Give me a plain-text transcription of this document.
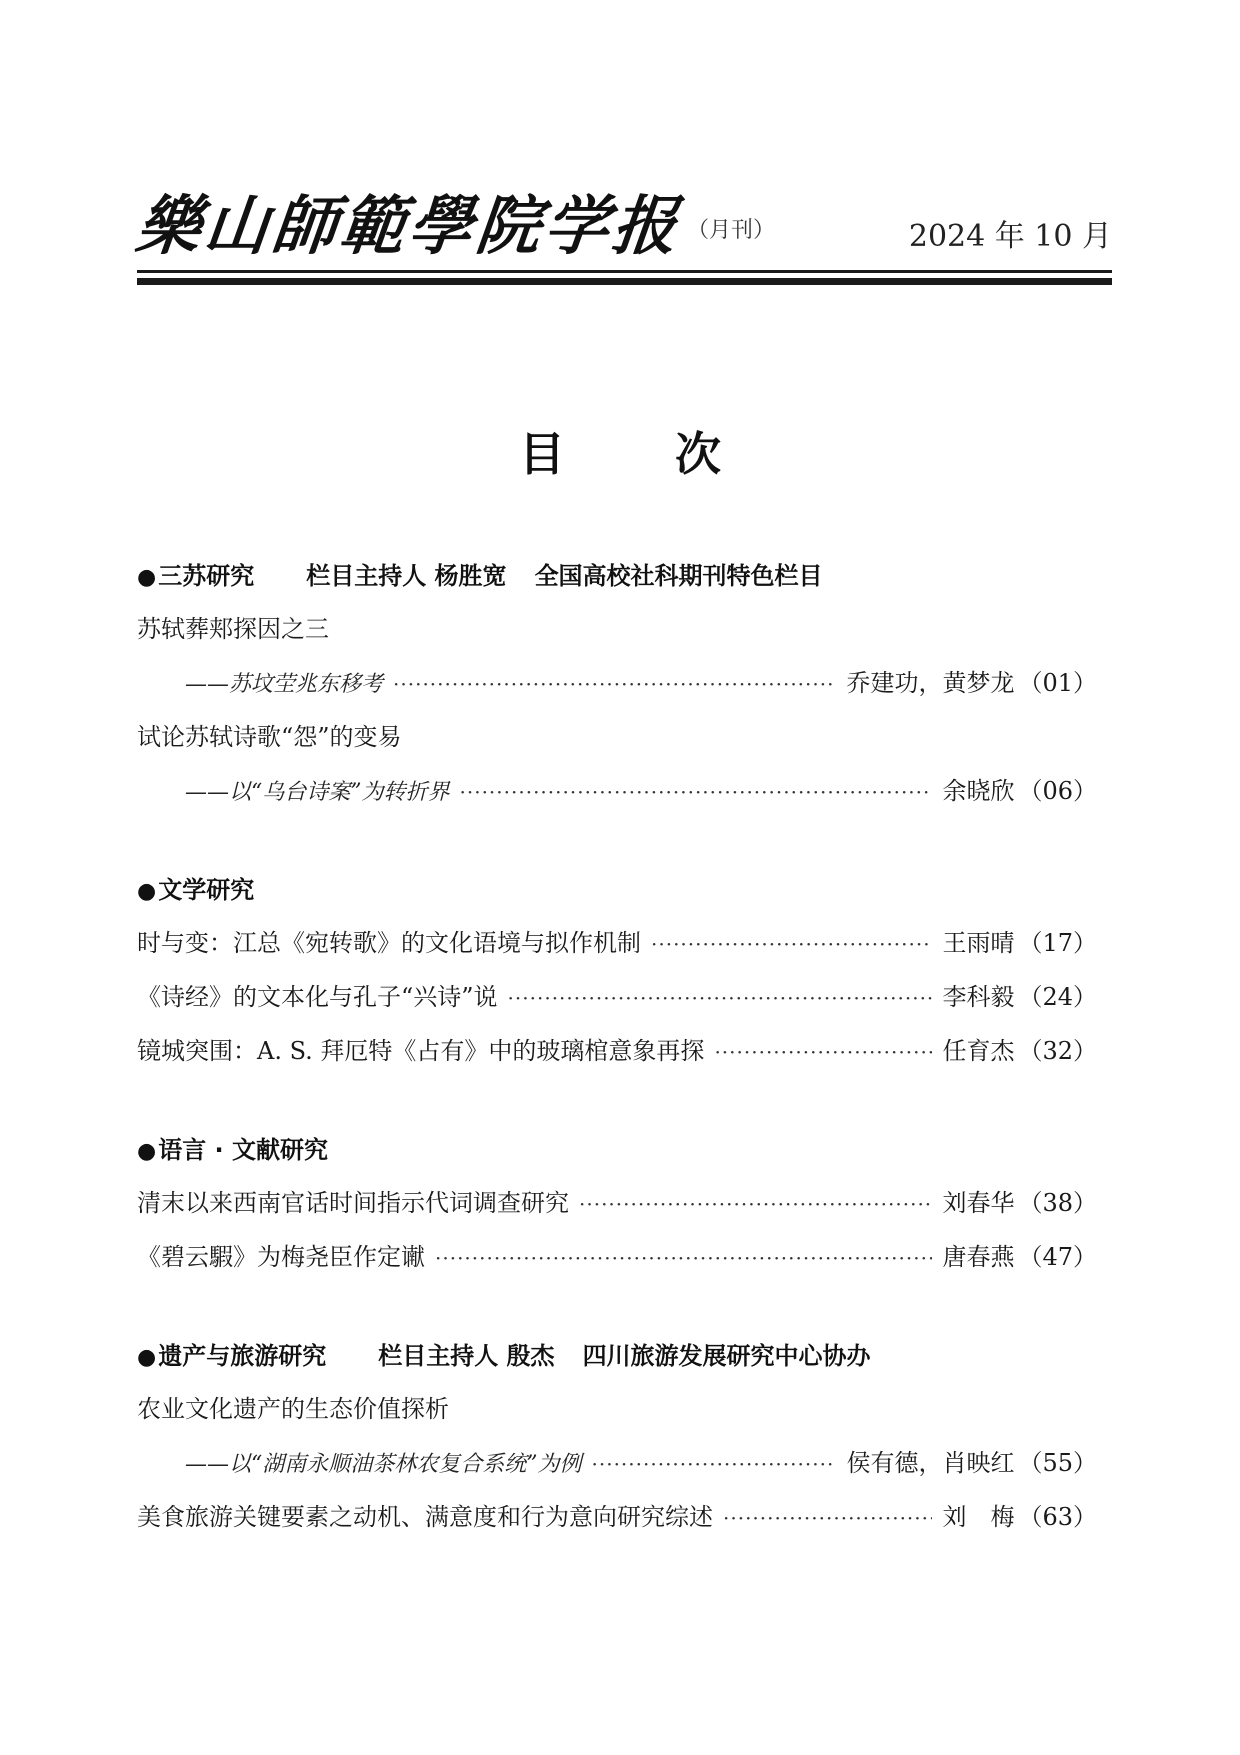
樂山師範學院学报 （月刊）	2024 年 10 月
目 次
●三苏研究 栏目主持人 杨胜宽 全国高校社科期刊特色栏目
苏轼葬郏探因之三
——苏坟茔兆东移考 ·····	乔建功，黄梦龙 （01）
试论苏轼诗歌“怨”的变易
——以“乌台诗案”为转折界 ·····	余晓欣 （06）
●文学研究
时与变：江总《宛转歌》的文化语境与拟作机制 ·····	王雨晴 （17）
《诗经》的文本化与孔子“兴诗”说 ·····	李科毅 （24）
镜城突围：A. S. 拜厄特《占有》中的玻璃棺意象再探 ·····	任育杰 （32）
●语言 · 文献研究
清末以来西南官话时间指示代词调查研究 ·····	刘春华 （38）
《碧云騢》为梅尧臣作定谳 ·····	唐春燕 （47）
●遗产与旅游研究 栏目主持人 殷杰 四川旅游发展研究中心协办
农业文化遗产的生态价值探析
——以“湖南永顺油茶林农复合系统”为例 ·····	侯有德，肖映红 （55）
美食旅游关键要素之动机、满意度和行为意向研究综述 ·····	刘　梅 （63）
